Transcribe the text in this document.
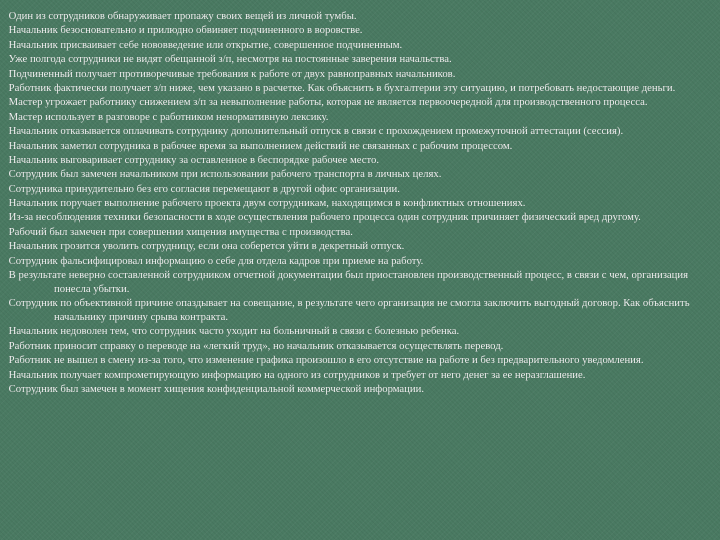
Один из сотрудников обнаруживает пропажу своих вещей из личной тумбы.
Начальник безосновательно и прилюдно обвиняет подчиненного в воровстве.
Начальник присваивает себе нововведение или открытие, совершенное подчиненным.
Уже полгода сотрудники не видят обещанной з/п, несмотря на постоянные заверения начальства.
Подчиненный получает противоречивые требования к работе от двух равноправных начальников.
Работник фактически получает з/п ниже, чем указано в расчетке. Как объяснить в бухгалтерии эту ситуацию, и потребовать недостающие деньги.
Мастер угрожает работнику снижением з/п за невыполнение работы, которая не является первоочередной для производственного процесса.
Мастер использует в разговоре с работником ненормативную лексику.
Начальник отказывается оплачивать сотруднику дополнительный отпуск в связи с прохождением промежуточной аттестации (сессия).
Начальник заметил сотрудника в рабочее время за выполнением действий не связанных с рабочим процессом.
Начальник выговаривает сотруднику за оставленное в беспорядке рабочее место.
Сотрудник был замечен начальником при использовании рабочего транспорта в личных целях.
Сотрудника принудительно без его согласия перемещают в другой офис организации.
Начальник поручает выполнение рабочего проекта двум сотрудникам, находящимся в конфликтных отношениях.
Из-за несоблюдения техники безопасности в ходе осуществления рабочего процесса один сотрудник причиняет физический вред другому.
Рабочий был замечен при совершении хищения имущества с производства.
Начальник грозится уволить сотрудницу, если она соберется уйти в декретный отпуск.
Сотрудник фальсифицировал информацию о себе для отдела кадров при приеме на работу.
В результате неверно составленной сотрудником отчетной документации был приостановлен производственный процесс, в связи с чем, организация понесла убытки.
Сотрудник по объективной причине опаздывает на совещание, в результате чего организация не смогла заключить выгодный договор. Как объяснить начальнику причину срыва контракта.
Начальник недоволен тем, что сотрудник часто уходит на больничный в связи с болезнью ребенка.
Работник приносит справку о переводе на «легкий труд», но начальник отказывается осуществлять перевод.
Работник не вышел в смену из-за того, что изменение графика произошло в его отсутствие на работе и без предварительного уведомления.
Начальник получает компрометирующую информацию на одного из сотрудников и требует от него денег за ее неразглашение.
Сотрудник был замечен в момент хищения конфиденциальной коммерческой информации.
